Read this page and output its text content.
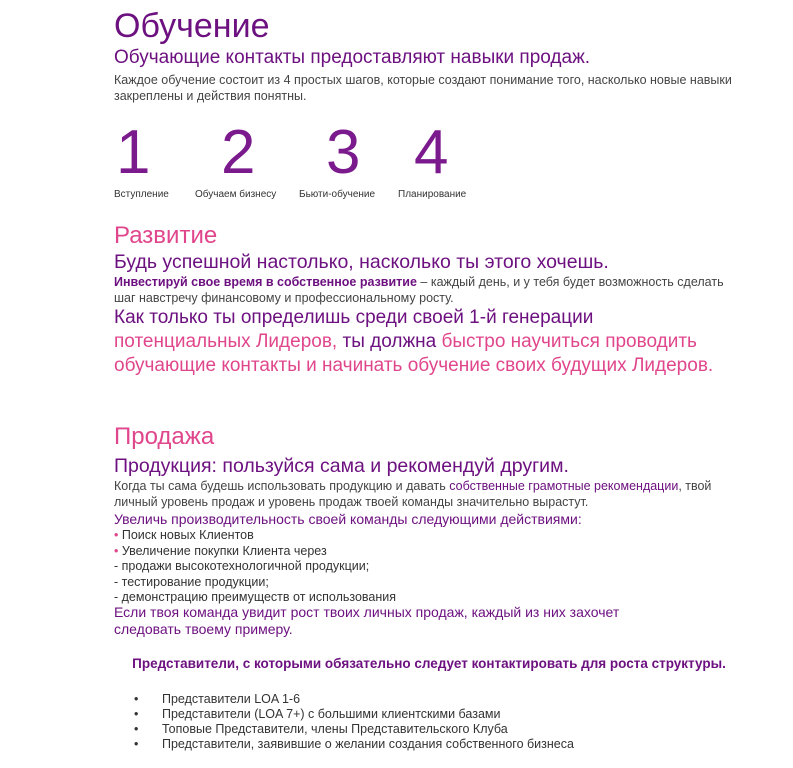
Обучение
Обучающие контакты предоставляют навыки продаж.
Каждое обучение состоит из 4 простых шагов, которые создают понимание того, насколько новые навыки закреплены и действия понятны.
1
Вступление
2
Обучаем бизнесу
3
Бьюти-обучение
4
Планирование
Развитие
Будь успешной настолько, насколько ты этого хочешь.
Инвестируй свое время в собственное развитие – каждый день, и у тебя будет возможность сделать шаг навстречу финансовому и профессиональному росту.
Как только ты определишь среди своей 1-й генерации
потенциальных Лидеров, ты должна быстро научиться проводить обучающие контакты и начинать обучение своих будущих Лидеров.
Продажа
Продукция: пользуйся сама и рекомендуй другим.
Когда ты сама будешь использовать продукцию и давать собственные грамотные рекомендации, твой личный уровень продаж и уровень продаж твоей команды значительно вырастут.
Увеличь производительность своей команды следующими действиями:
• Поиск новых Клиентов
• Увеличение покупки Клиента через
- продажи высокотехнологичной продукции;
- тестирование продукции;
- демонстрацию преимуществ от использования
Если твоя команда увидит рост твоих личных продаж, каждый из них захочет следовать твоему примеру.
Представители, с которыми обязательно следует контактировать для роста структуры.
• Представители LOA 1-6
• Представители (LOA 7+) с большими клиентскими базами
• Топовые Представители, члены Представительского Клуба
• Представители, заявившие о желании создания собственного бизнеса
